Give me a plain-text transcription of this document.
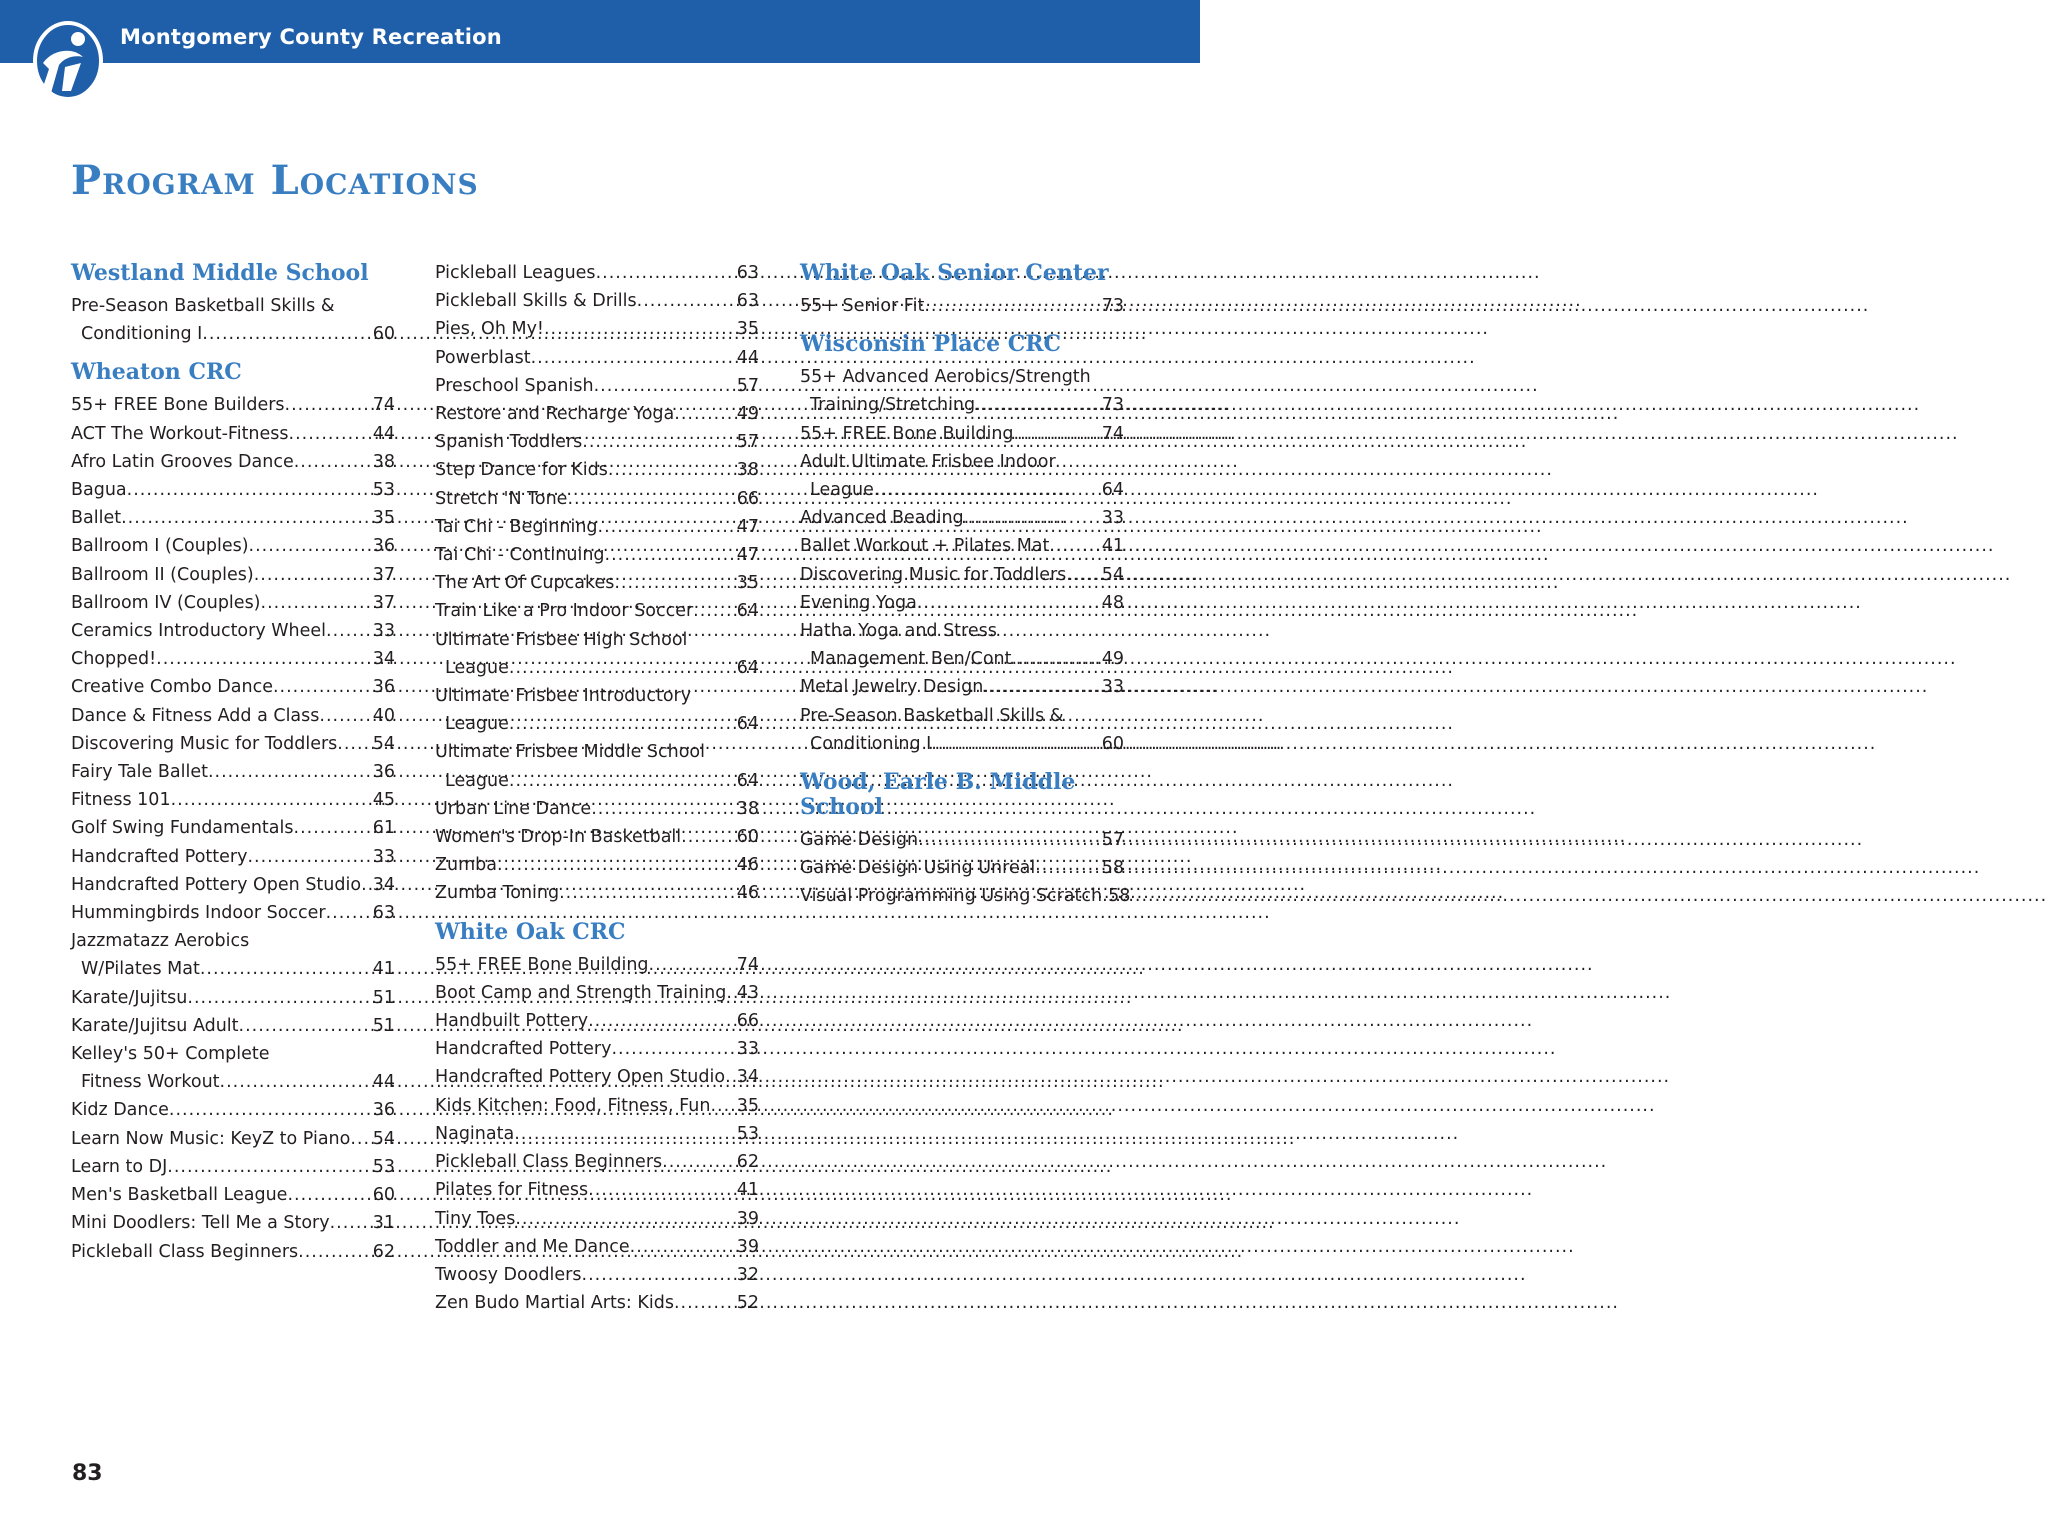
Montgomery County Recreation
Program Locations
Westland Middle School
Pre-Season Basketball Skills &
Conditioning I .....	60
Wheaton CRC
55+ FREE Bone Builders .....	74
ACT The Workout-Fitness .....	44
Afro Latin Grooves Dance .....	38
Bagua .....	53
Ballet .....	35
Ballroom I (Couples) .....	36
Ballroom II (Couples) .....	37
Ballroom IV (Couples) .....	37
Ceramics Introductory Wheel .....	33
Chopped! .....	34
Creative Combo Dance .....	36
Dance & Fitness Add a Class .....	40
Discovering Music for Toddlers ..... 54
Fairy Tale Ballet .....	36
Fitness 101 .....	45
Golf Swing Fundamentals .....	61
Handcrafted Pottery .....	33
Handcrafted Pottery Open Studio ..... 34
Hummingbirds Indoor Soccer .....	63
Jazzmatazz Aerobics
W/Pilates Mat .....	41
Karate/Jujitsu .....	51
Karate/Jujitsu Adult .....	51
Kelley's 50+ Complete
Fitness Workout .....	44
Kidz Dance .....	36
Learn Now Music: KeyZ to Piano ..... 54
Learn to DJ .....	53
Men's Basketball League .....	60
Mini Doodlers: Tell Me a Story ..... 31
Pickleball Class Beginners .....	62
Pickleball Leagues .....	63
Pickleball Skills & Drills .....	63
Pies, Oh My! .....	35
Powerblast .....	44
Preschool Spanish .....	57
Restore and Recharge Yoga .....	49
Spanish Toddlers .....	57
Step Dance for Kids .....	38
Stretch 'N Tone .....	66
Tai Chi - Beginning .....	47
Tai Chi - Continuing .....	47
The Art Of Cupcakes .....	35
Train Like a Pro Indoor Soccer ..... 64
Ultimate Frisbee High School
League .....	64
Ultimate Frisbee Introductory
League .....	64
Ultimate Frisbee Middle School
League .....	64
Urban Line Dance .....	38
Women's Drop-In Basketball .....	60
Zumba .....	46
Zumba Toning .....	46
White Oak CRC
55+ FREE Bone Building .....	74
Boot Camp and Strength Training ..... 43
Handbuilt Pottery .....	66
Handcrafted Pottery .....	33
Handcrafted Pottery Open Studio ..... 34
Kids Kitchen: Food, Fitness, Fun ..... 35
Naginata .....	53
Pickleball Class Beginners .....	62
Pilates for Fitness .....	41
Tiny Toes .....	39
Toddler and Me Dance .....	39
Twoosy Doodlers .....	32
Zen Budo Martial Arts: Kids .....	52
White Oak Senior Center
55+ Senior Fit .....	73
Wisconsin Place CRC
55+ Advanced Aerobics/Strength
Training/Stretching .....	73
55+ FREE Bone Building .....	74
Adult Ultimate Frisbee Indoor
League .....	64
Advanced Beading .....	33
Ballet Workout + Pilates Mat .....	41
Discovering Music for Toddlers ..... 54
Evening Yoga .....	48
Hatha Yoga and Stress
Management Ben/Cont .....	49
Metal Jewelry Design .....	33
Pre-Season Basketball Skills &
Conditioning I .....	60
Wood, Earle B. Middle School
Game Design .....	57
Game Design Using Unreal .....	58
Visual Programming Using Scratch ..... 58
83
